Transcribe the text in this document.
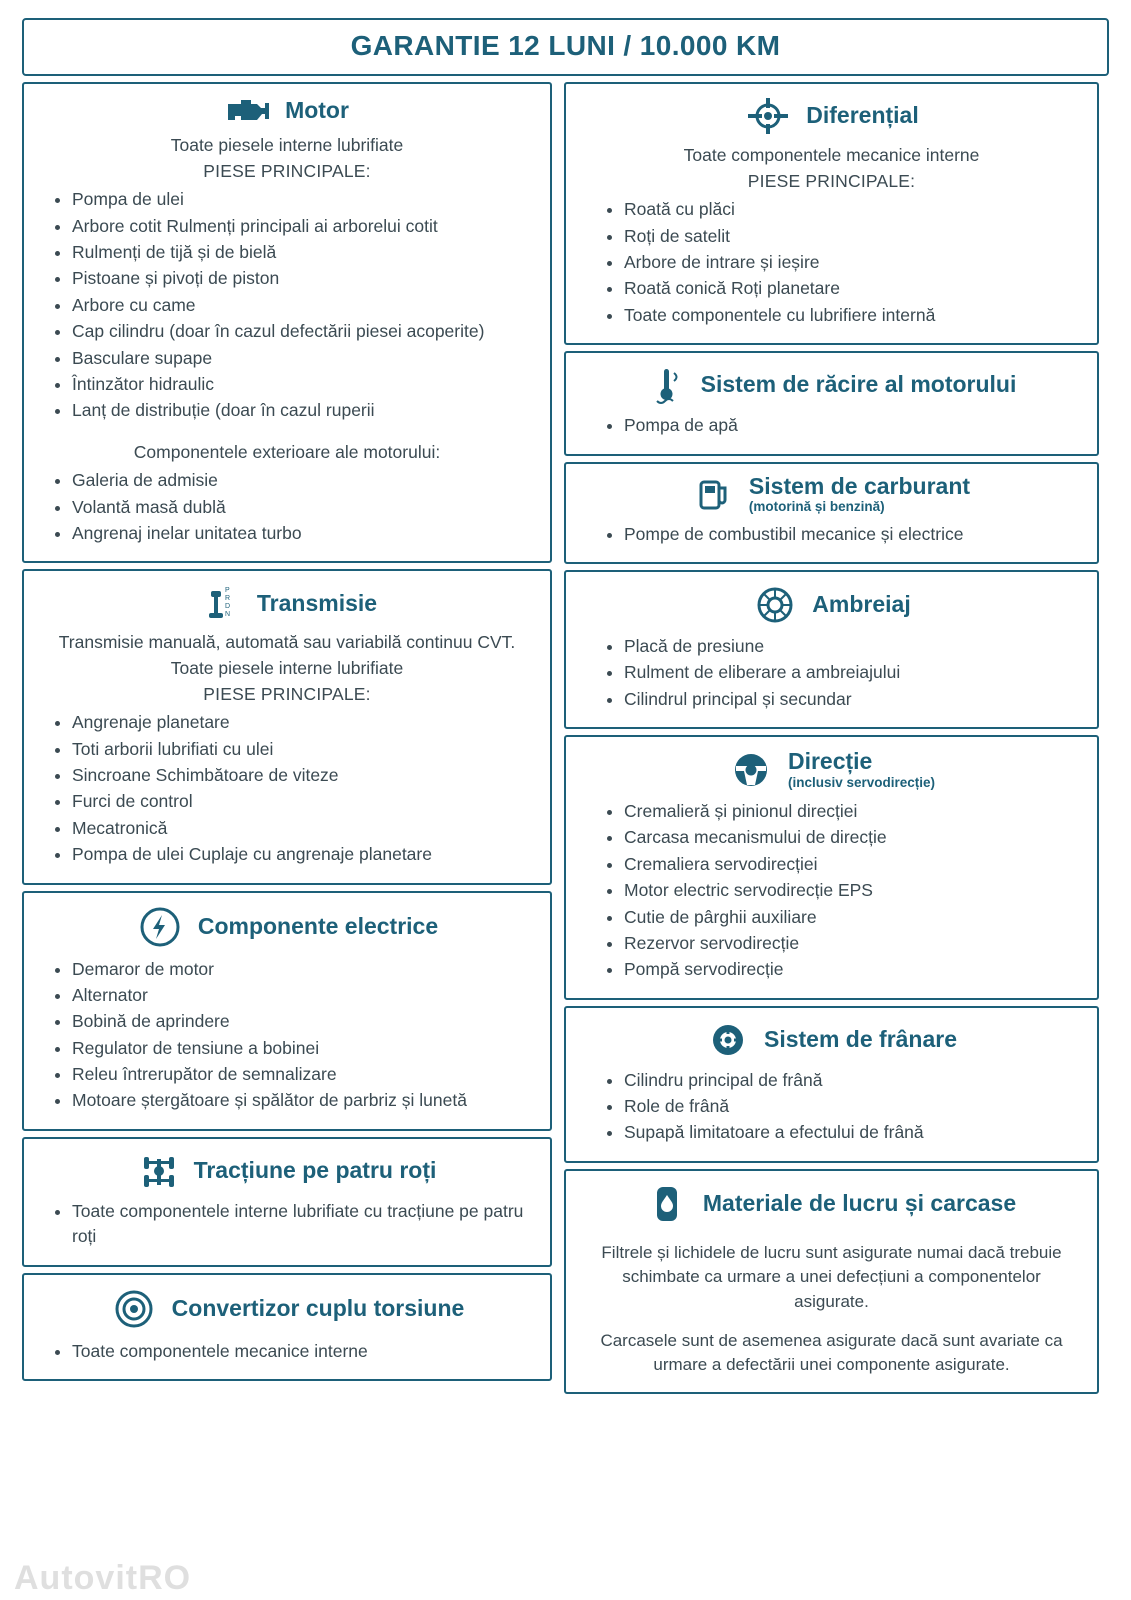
GARANTIE 12 LUNI / 10.000 KM
Motor
Toate piesele interne lubrifiate
PIESE PRINCIPALE:
• Pompa de ulei
• Arbore cotit Rulmenți principali ai arborelui cotit
• Rulmenți de tijă și de bielă
• Pistoane și pivoți de piston
• Arbore cu came
• Cap cilindru (doar în cazul defectării piesei acoperite)
• Basculare supape
• Întinzător hidraulic
• Lanț de distribuție (doar în cazul ruperii
Componentele exterioare ale motorului:
• Galeria de admisie
• Volantă masă dublă
• Angrenaj inelar unitatea turbo
P
R
D
N Transmisie
Transmisie manuală, automată sau variabilă continuu CVT.
Toate piesele interne lubrifiate
PIESE PRINCIPALE:
• Angrenaje planetare
• Toti arborii lubrifiati cu ulei
• Sincroane Schimbătoare de viteze
• Furci de control
• Mecatronică
• Pompa de ulei Cuplaje cu angrenaje planetare
Componente electrice
• Demaror de motor
• Alternator
• Bobină de aprindere
• Regulator de tensiune a bobinei
• Releu întrerupător de semnalizare
• Motoare ștergătoare și spălător de parbriz și lunetă
Tracțiune pe patru roți
• Toate componentele interne lubrifiate cu tracțiune pe patru roți
Convertizor cuplu torsiune
• Toate componentele mecanice interne
Diferențial
Toate componentele mecanice interne
PIESE PRINCIPALE:
• Roată cu plăci
• Roți de satelit
• Arbore de intrare și ieșire
• Roată conică Roți planetare
• Toate componentele cu lubrifiere internă
Sistem de răcire al motorului
• Pompa de apă
Sistem de carburant
(motorină și benzină)
• Pompe de combustibil mecanice și electrice
Ambreiaj
• Placă de presiune
• Rulment de eliberare a ambreiajului
• Cilindrul principal și secundar
Direcție
(inclusiv servodirecție)
• Cremalieră și pinionul direcției
• Carcasa mecanismului de direcție
• Cremaliera servodirecției
• Motor electric servodirecție EPS
• Cutie de pârghii auxiliare
• Rezervor servodirecție
• Pompă servodirecție
Sistem de frânare
• Cilindru principal de frână
• Role de frână
• Supapă limitatoare a efectului de frână
Materiale de lucru și carcase
Filtrele și lichidele de lucru sunt asigurate numai dacă trebuie schimbate ca urmare a unei defecțiuni a componentelor asigurate.
Carcasele sunt de asemenea asigurate dacă sunt avariate ca urmare a defectării unei componente asigurate.
AutovitRO
